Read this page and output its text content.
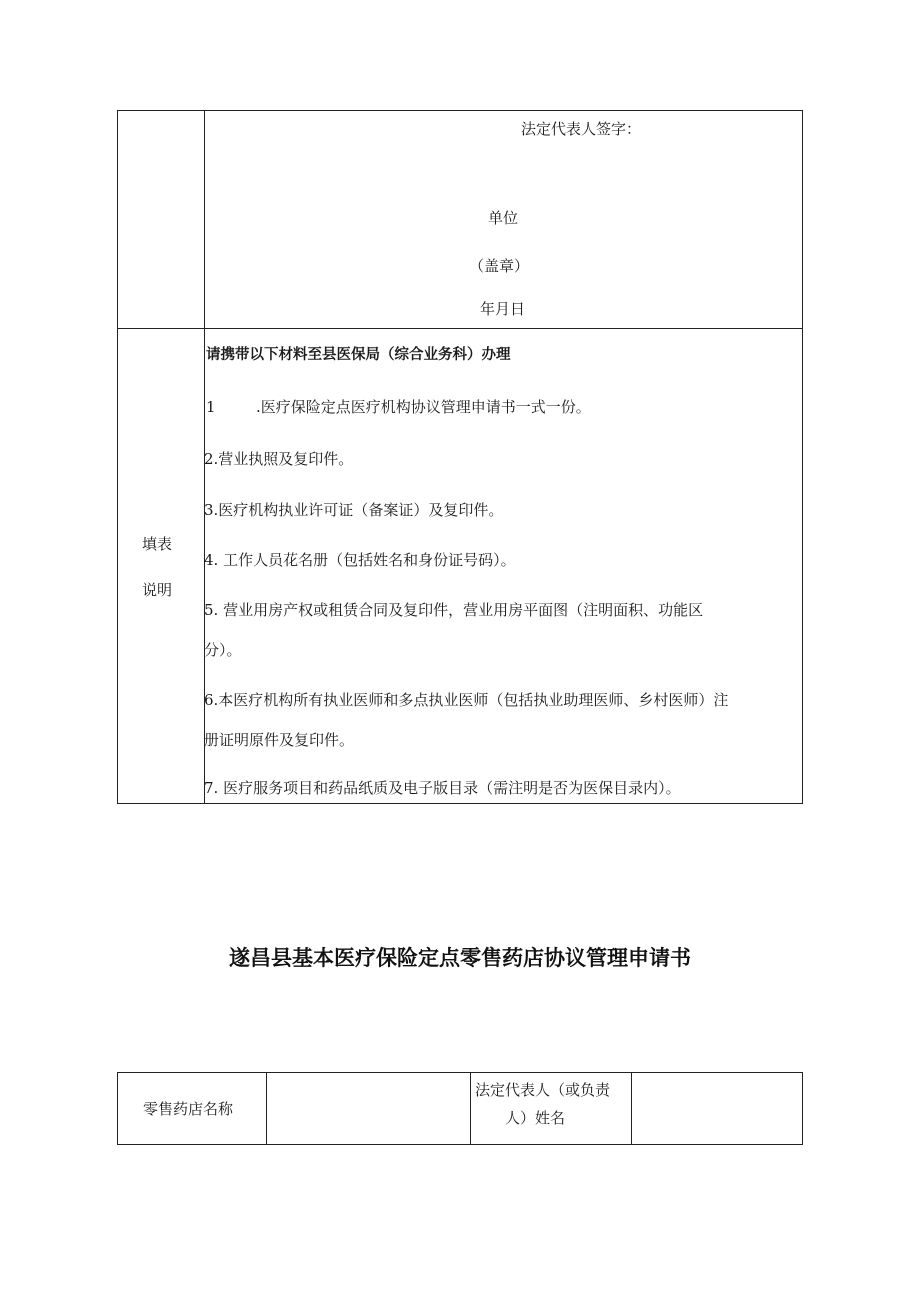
法定代表人签字：
单位
（盖章）
年月日
填表
说明
请携带以下材料至县医保局（综合业务科）办理
1	.医疗保险定点医疗机构协议管理申请书一式一份。
2.营业执照及复印件。
3.医疗机构执业许可证（备案证）及复印件。
4. 工作人员花名册（包括姓名和身份证号码）。
5. 营业用房产权或租赁合同及复印件，营业用房平面图（注明面积、功能区
分）。
6.本医疗机构所有执业医师和多点执业医师（包括执业助理医师、乡村医师）注
册证明原件及复印件。
7. 医疗服务项目和药品纸质及电子版目录（需注明是否为医保目录内）。
遂昌县基本医疗保险定点零售药店协议管理申请书
零售药店名称
法定代表人（或负责
人）姓名
